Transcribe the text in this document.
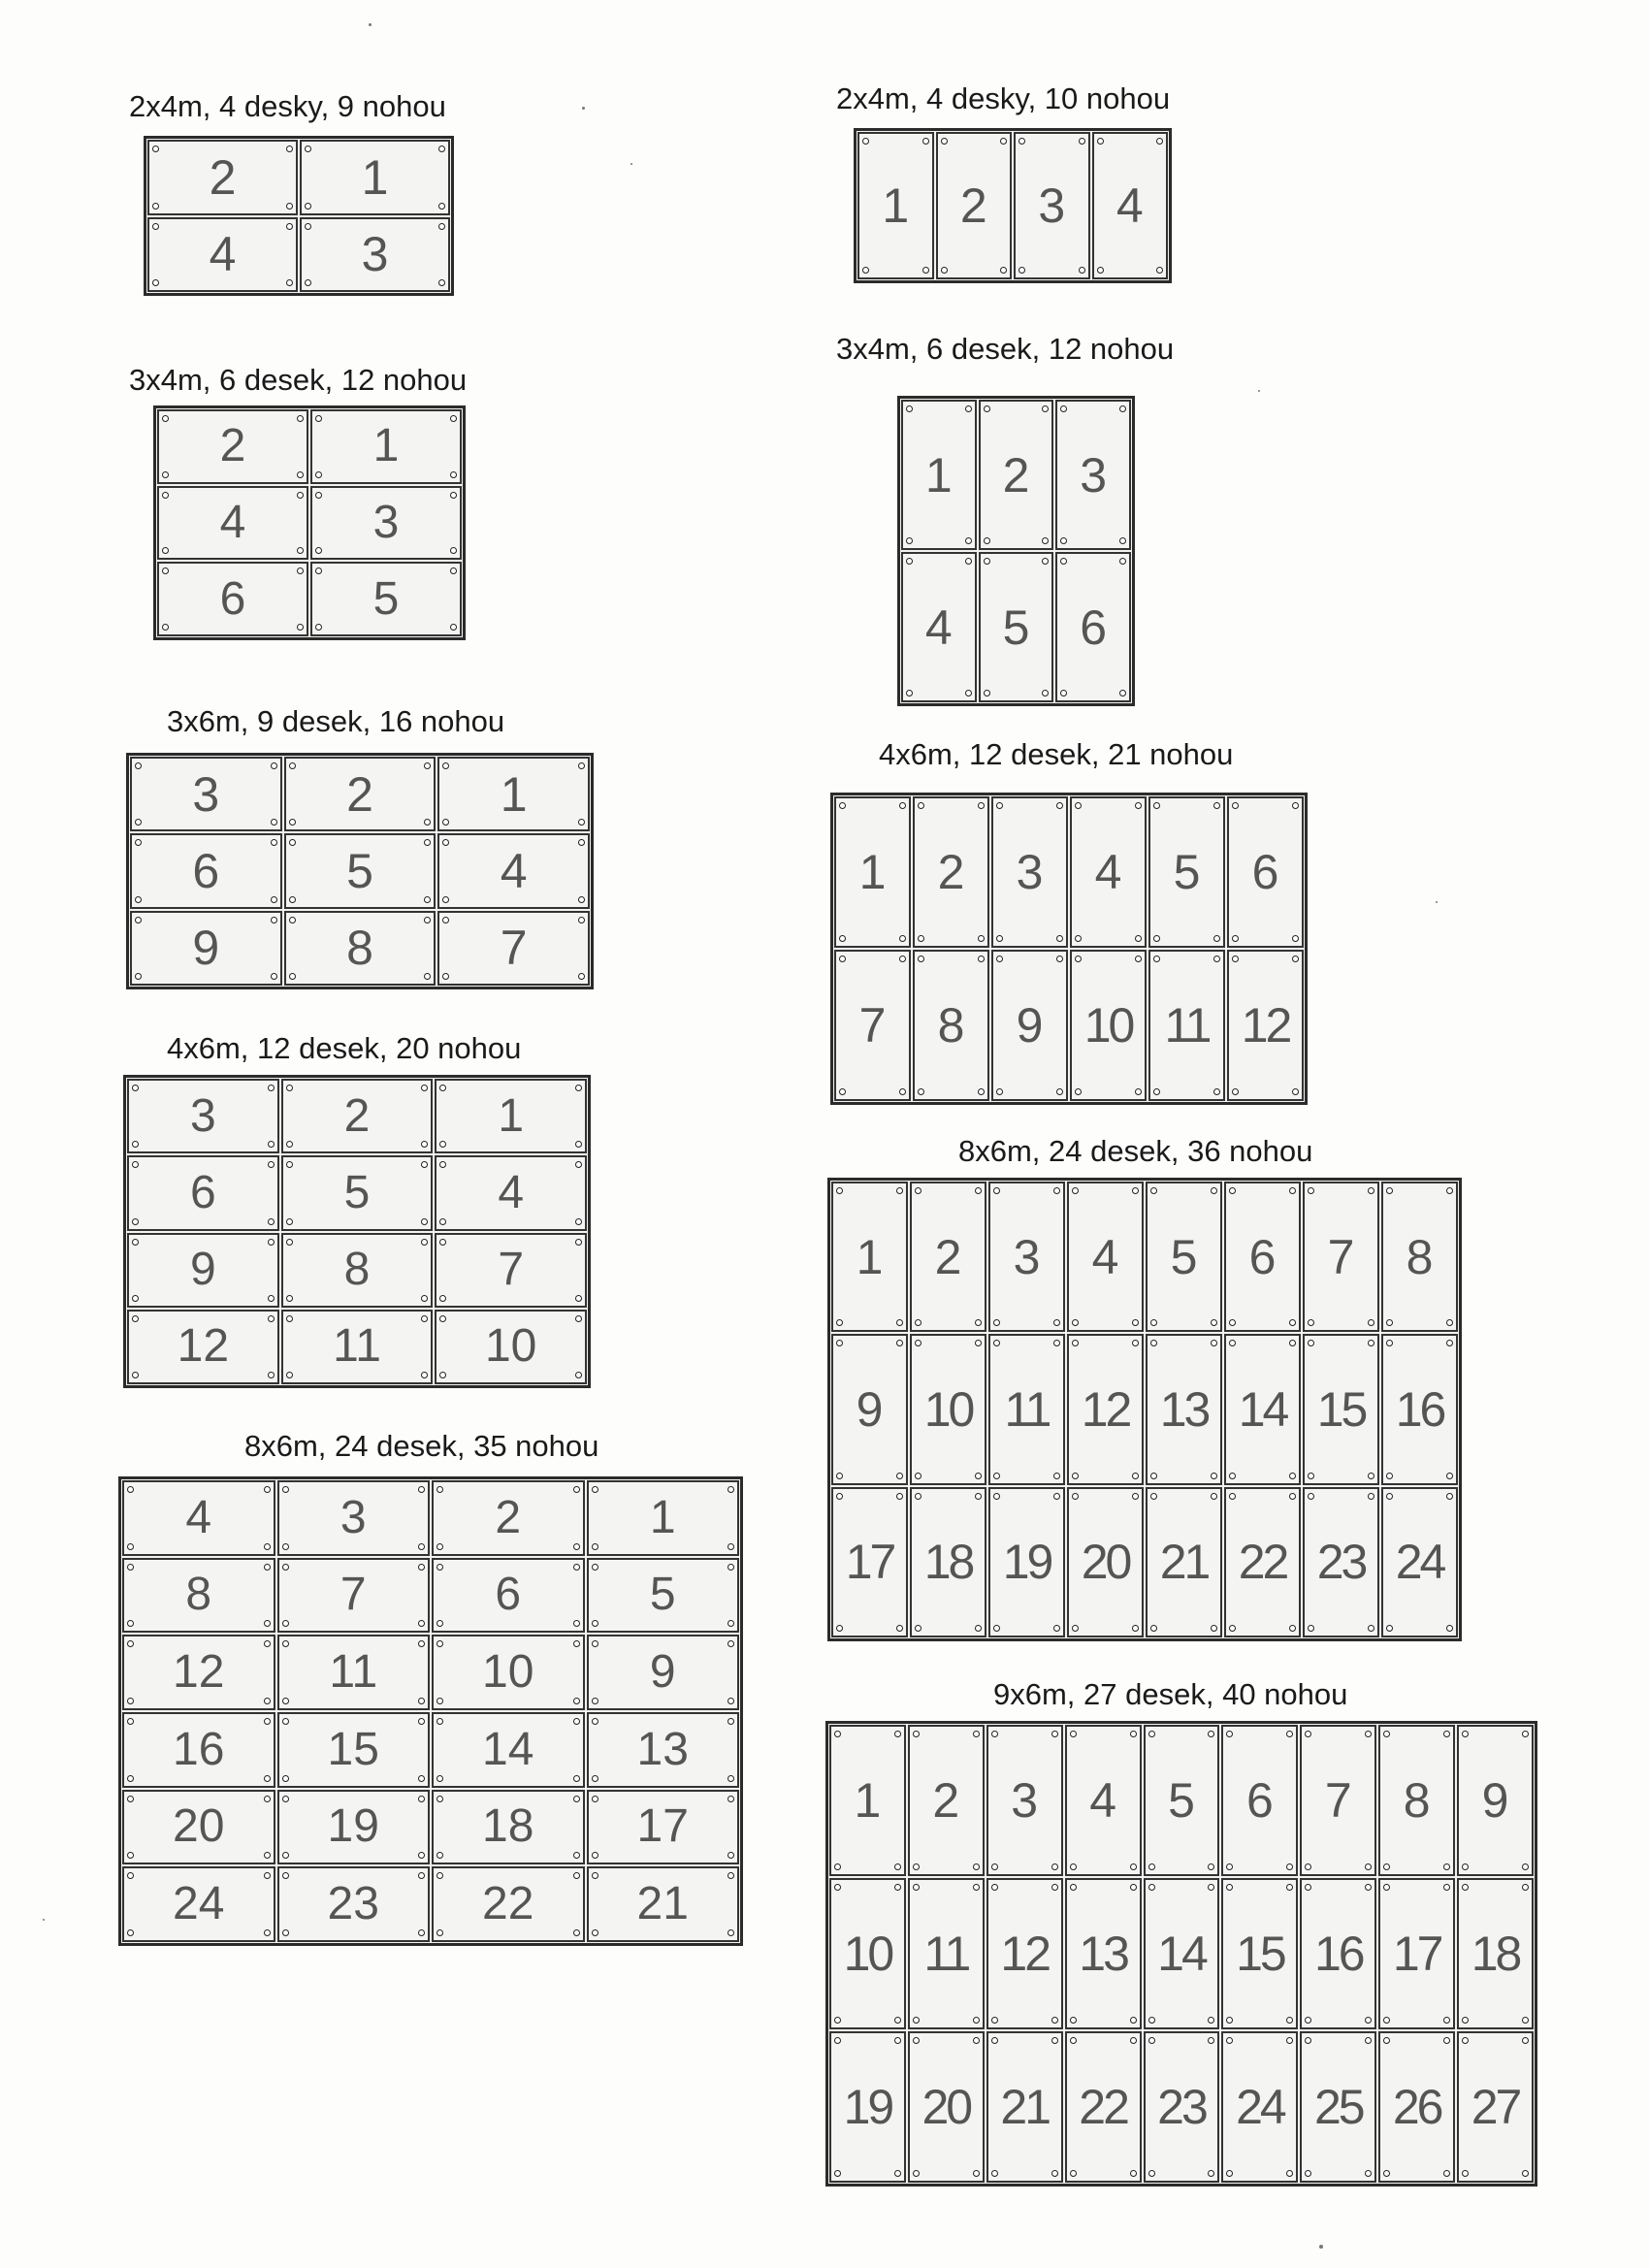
2x4m, 4 desky, 9 nohou
2	1
4	3
2x4m, 4 desky, 10 nohou
1 2 3 4
3x4m, 6 desek, 12 nohou
2	1
4	3
6	5
3x4m, 6 desek, 12 nohou
1 2 3
4 5 6
3x6m, 9 desek, 16 nohou
3	2	1
6	5	4
9	8	7
4x6m, 12 desek, 21 nohou
1 2 3 4 5 6
7 8 9 10 11 12
4x6m, 12 desek, 20 nohou
3	2	1
6	5	4
9	8	7
12 11 10
8x6m, 24 desek, 36 nohou
1 2 3 4 5 6 7 8
9 10 11 12 13 14 15 16
17 18 19 20 21 22 23 24
8x6m, 24 desek, 35 nohou
4	3	2	1
8	7	6	5
12 11 10 9
16 15 14 13
20 19 18 17
24 23 22 21
9x6m, 27 desek, 40 nohou
1 2 3 4 5 6 7 8 9
10 11 12 13 14 15 16 17 18
19 20 21 22 23 24 25 26 27
